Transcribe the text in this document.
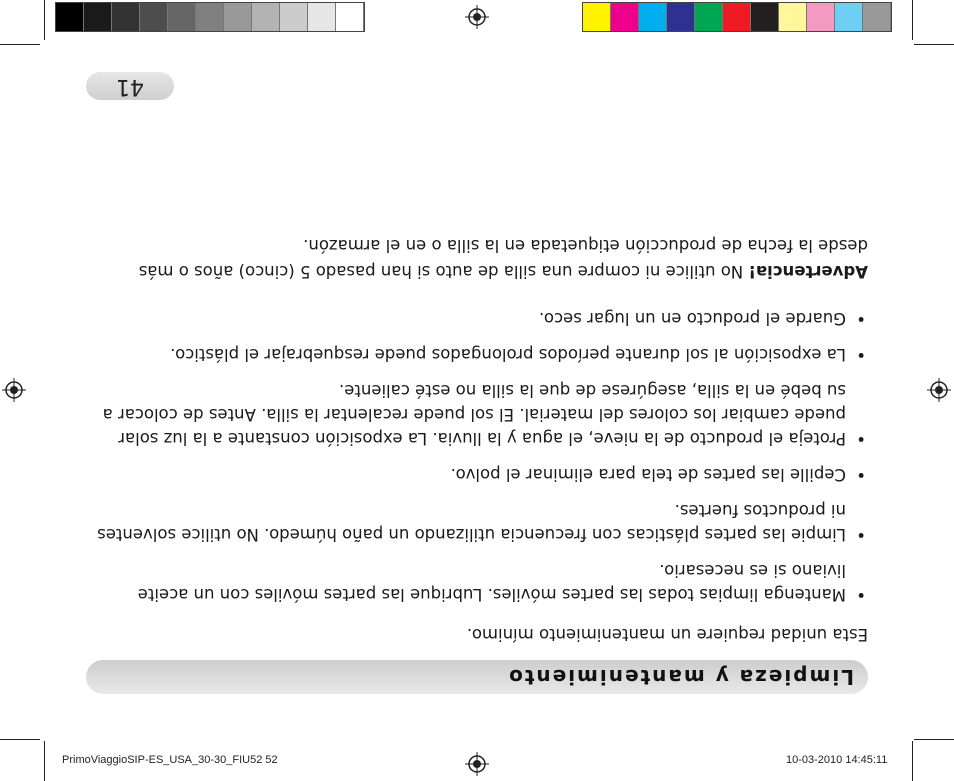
41
Limpieza y mantenimiento

Esta unidad requiere un mantenimiento mínimo.

• Mantenga limpias todas las partes móviles. Lubrique las partes móviles con un aceite liviano si es necesario.
• Limpie las partes plásticas con frecuencia utilizando un paño húmedo. No utilice solventes ni productos fuertes.
• Cepille las partes de tela para eliminar el polvo.
• Proteja el producto de la nieve, el agua y la lluvia. La exposición constante a la luz solar puede cambiar los colores del material. El sol puede recalentar la silla. Antes de colocar a su bebé en la silla, asegúrese de que la silla no esté caliente.
• La exposición al sol durante períodos prolongados puede resquebrajar el plástico.
• Guarde el producto en un lugar seco.

Advertencia! No utilice ni compre una silla de auto si han pasado 5 (cinco) años o más desde la fecha de producción etiquetada en la silla o en el armazón.

PrimoViaggioSIP-ES_USA_30-30_FIU52 52	10-03-2010 14:45:11
